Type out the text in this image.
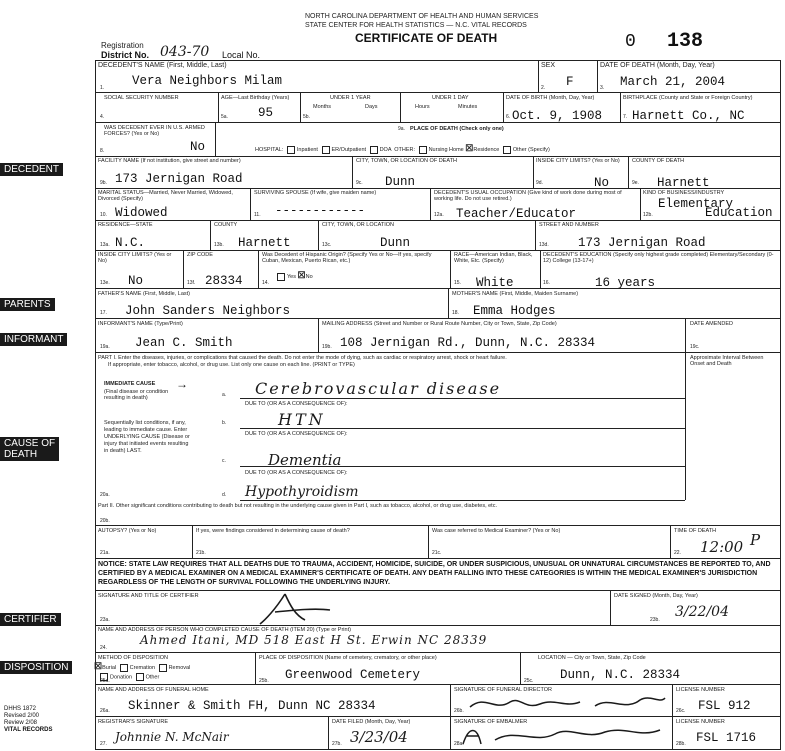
NORTH CAROLINA DEPARTMENT OF HEALTH AND HUMAN SERVICES
STATE CENTER FOR HEALTH STATISTICS — N.C. VITAL RECORDS
CERTIFICATE OF DEATH
Registration
District No. 043-70 Local No.
0 138
DECEDENT
PARENTS
INFORMANT
CAUSE OF
DEATH
CERTIFIER
DISPOSITION
DECEDENT'S NAME (First, Middle, Last)
Vera Neighbors Milam
1.
SEX
F
2.
DATE OF DEATH (Month, Day, Year)
March 21, 2004
3.
SOCIAL SECURITY NUMBER
4.
AGE—Last Birthday (Years)
95
5a.
UNDER 1 YEAR
Months	Days
5b.
UNDER 1 DAY
Hours	Minutes
DATE OF BIRTH (Month, Day, Year)
Oct. 9, 1908
6.
BIRTHPLACE (County and State or Foreign Country)
Harnett Co., NC
7.
WAS DECEDENT EVER IN U.S. ARMED FORCES? (Yes or No)
No
8.
PLACE OF DEATH (Check only one)
9a.
HOSPITAL: Inpatient ER/Outpatient DOA OTHER: Nursing Home ☒Residence Other (Specify)
FACILITY NAME (If not institution, give street and number)
173 Jernigan Road
9b.
CITY, TOWN, OR LOCATION OF DEATH
Dunn
9c.
INSIDE CITY LIMITS? (Yes or No)
No
9d.
COUNTY OF DEATH
Harnett
9e.
MARITAL STATUS—Married, Never Married, Widowed, Divorced (Specify)
Widowed
10.
SURVIVING SPOUSE (If wife, give maiden name)
------------
11.
DECEDENT'S USUAL OCCUPATION (Give kind of work done during most of working life. Do not use retired.)
Teacher/Educator
12a.
KIND OF BUSINESS/INDUSTRY
Elementary
Education
12b.
RESIDENCE—STATE
N.C.
13a.
COUNTY
Harnett
13b.
CITY, TOWN, OR LOCATION
Dunn
13c.
STREET AND NUMBER
173 Jernigan Road
13d.
INSIDE CITY LIMITS? (Yes or No)
No
13e.
ZIP CODE
28334
13f.
Was Decedent of Hispanic Origin? (Specify Yes or No—If yes, specify Cuban, Mexican, Puerto Rican, etc.)
Yes ☒No
14.
RACE—American Indian, Black, White, Etc. (Specify)
White
15.
DECEDENT'S EDUCATION (Specify only highest grade completed) Elementary/Secondary (0-12) College (13-17+)
16 years
16.
FATHER'S NAME (First, Middle, Last)
John Sanders Neighbors
17.
MOTHER'S NAME (First, Middle, Maiden Surname)
Emma Hodges
18.
INFORMANT'S NAME (Type/Print)
Jean C. Smith
19a.
MAILING ADDRESS (Street and Number or Rural Route Number, City or Town, State, Zip Code)
108 Jernigan Rd., Dunn, N.C. 28334
19b.
DATE AMENDED
19c.
PART I. Enter the diseases, injuries, or complications that caused the death. Do not enter the mode of dying, such as cardiac or respiratory arrest, shock or heart failure.
If appropriate, enter tobacco, alcohol, or drug use. List only one cause on each line. (PRINT or TYPE)
Approximate Interval Between Onset and Death
IMMEDIATE CAUSE →
(Final disease or condition resulting in death)	a. Cerebrovascular disease
DUE TO (OR AS A CONSEQUENCE OF):
Sequentially list conditions, if any, leading to immediate cause. Enter UNDERLYING CAUSE (Disease or injury that initiated events resulting in death) LAST.
b.	HTN
DUE TO (OR AS A CONSEQUENCE OF):
c.	Dementia
DUE TO (OR AS A CONSEQUENCE OF):
d. Hypothyroidism
20a.
Part II. Other significant conditions contributing to death but not resulting in the underlying cause given in Part I, such as tobacco, alcohol, or drug use, diabetes, etc.
20b.
AUTOPSY? (Yes or No)
21a.
If yes, were findings considered in determining cause of death?
21b.
Was case referred to Medical Examiner? (Yes or No)
21c.
TIME OF DEATH
22. 12:00 P
NOTICE: STATE LAW REQUIRES THAT ALL DEATHS DUE TO TRAUMA, ACCIDENT, HOMICIDE, SUICIDE, OR UNDER SUSPICIOUS, UNUSUAL OR UNNATURAL CIRCUMSTANCES BE REPORTED TO, AND CERTIFIED BY A MEDICAL EXAMINER ON A MEDICAL EXAMINER'S CERTIFICATE OF DEATH. ANY DEATH FALLING INTO THESE CATEGORIES IS WITHIN THE MEDICAL EXAMINER'S JURISDICTION REGARDLESS OF THE LENGTH OF SURVIVAL FOLLOWING THE UNDERLYING INJURY.
SIGNATURE AND TITLE OF CERTIFIER
23a.
DATE SIGNED (Month, Day, Year)
3/22/04
23b.
NAME AND ADDRESS OF PERSON WHO COMPLETED CAUSE OF DEATH (ITEM 20) (Type or Print)
Ahmed Itani, MD 518 East H St. Erwin NC 28339
24.
METHOD OF DISPOSITION
☒Burial Cremation Removal
Donation Other
25a.
PLACE OF DISPOSITION (Name of cemetery, crematory, or other place)
Greenwood Cemetery
25b.
LOCATION — City or Town, State, Zip Code
Dunn, N.C. 28334
25c.
NAME AND ADDRESS OF FUNERAL HOME
Skinner & Smith FH, Dunn NC 28334
26a.
SIGNATURE OF FUNERAL DIRECTOR
26b.
LICENSE NUMBER
FSL 912
26c.
REGISTRAR'S SIGNATURE
Johnnie N. McNair
27.
DATE FILED (Month, Day, Year)
3/23/04
27b.
SIGNATURE OF EMBALMER
28a.
LICENSE NUMBER
FSL 1716
28b.
DHHS 1872
Revised 2/00
Review 2/08
VITAL RECORDS
